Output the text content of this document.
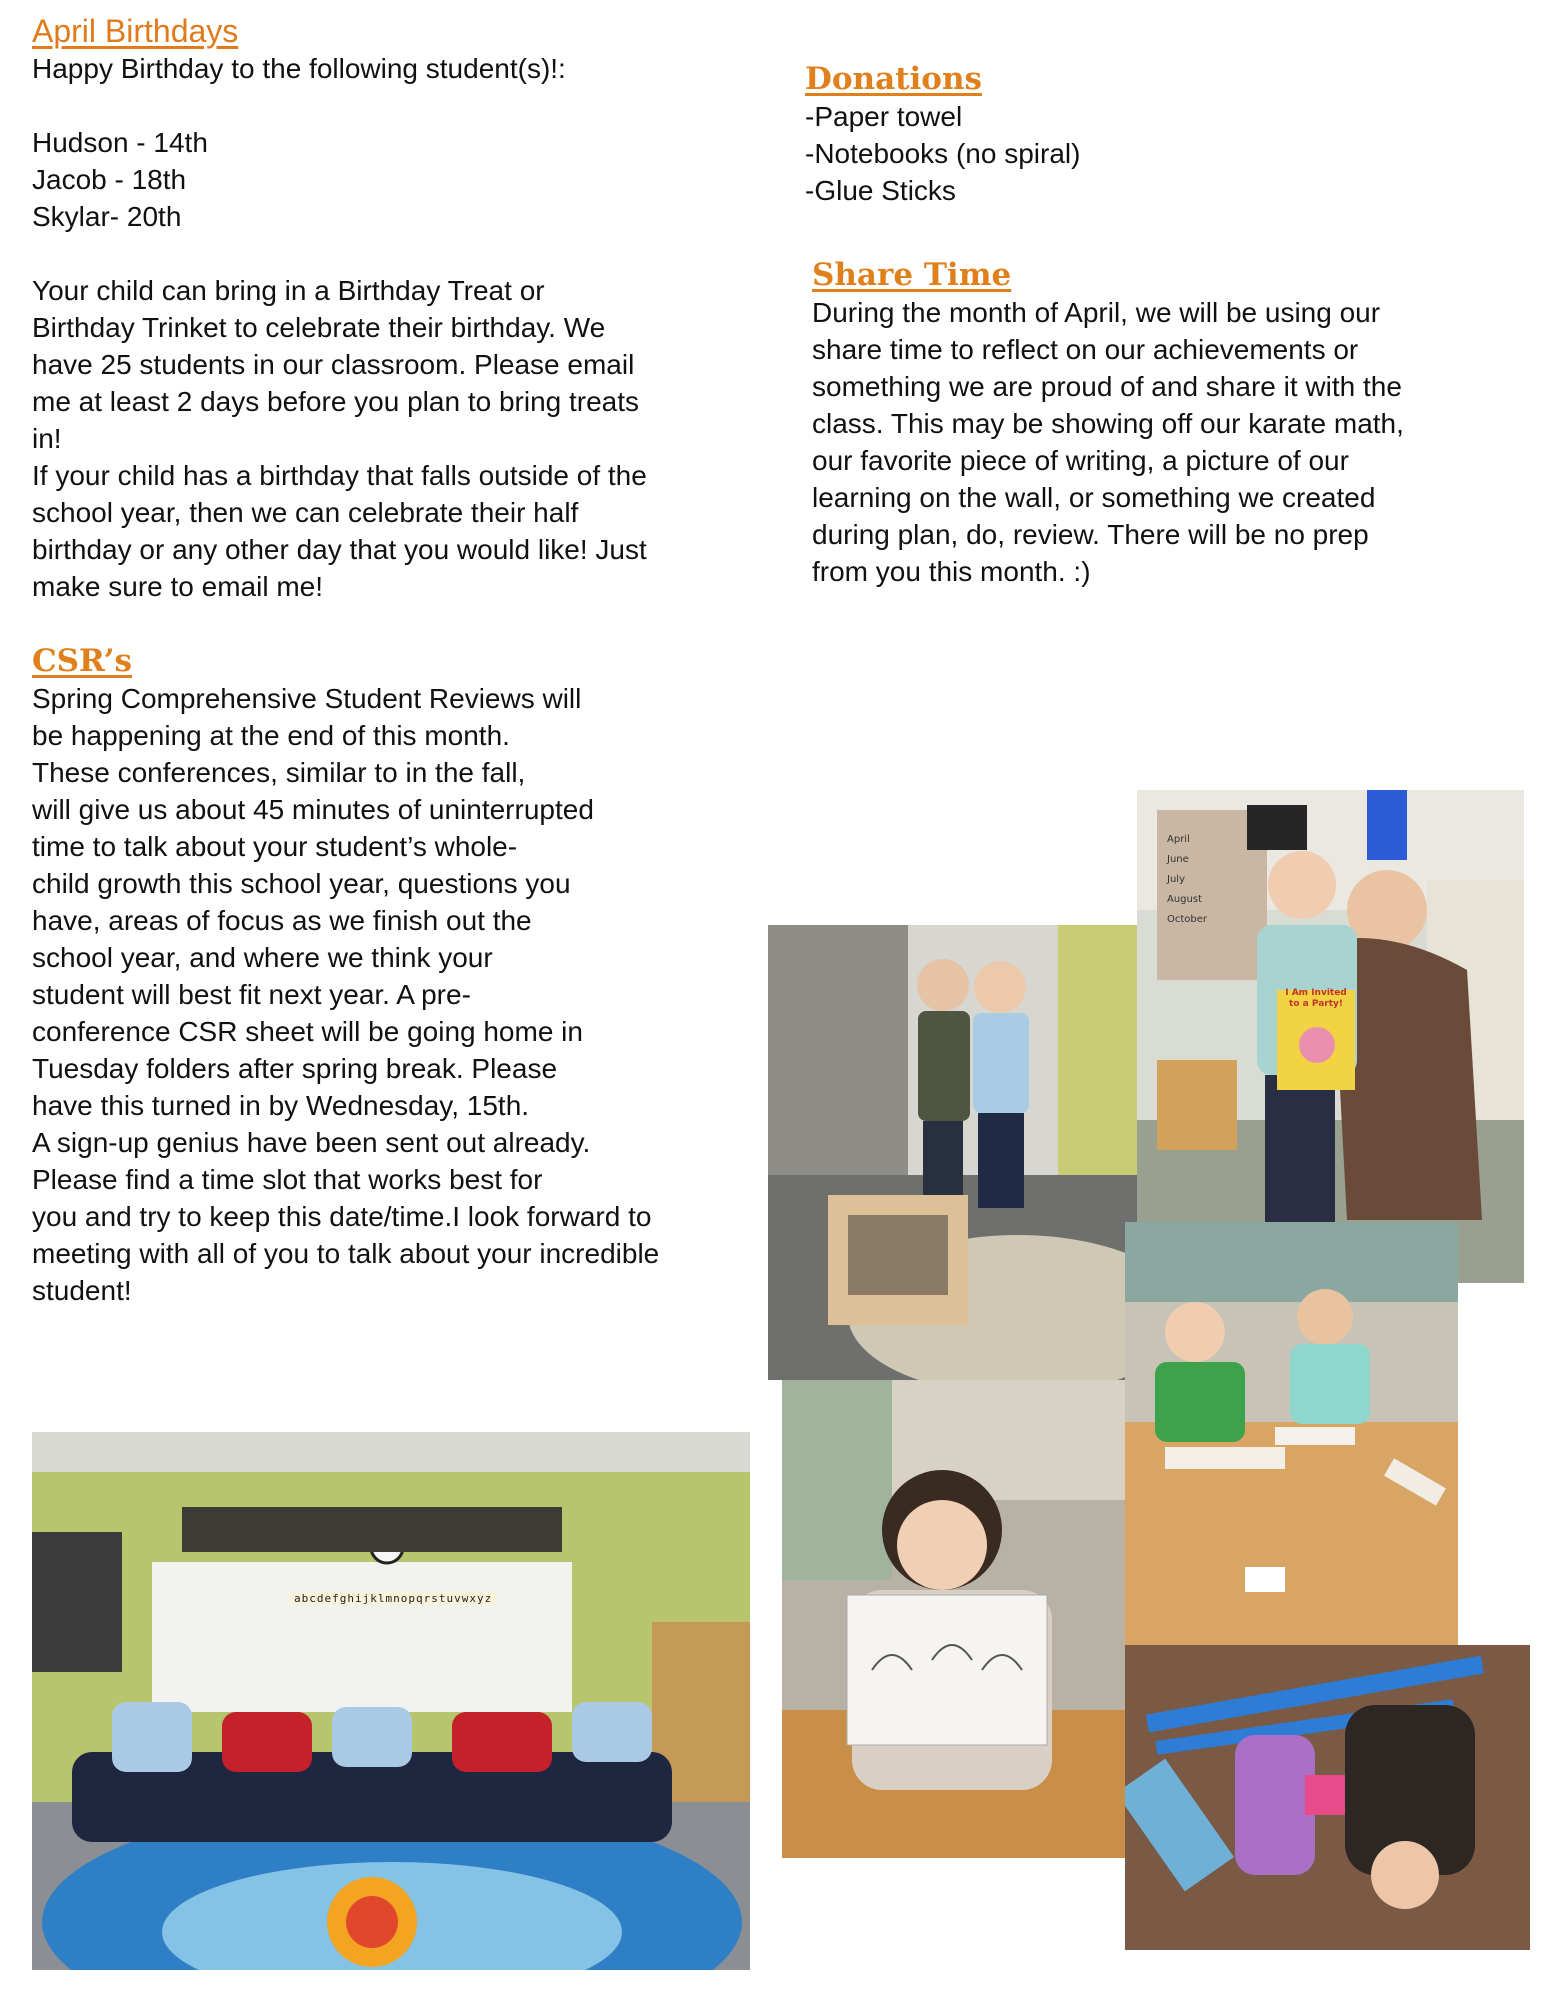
April Birthdays
Happy Birthday to the following student(s)!:

Hudson - 14th
Jacob - 18th
Skylar- 20th

Your child can bring in a Birthday Treat or
Birthday Trinket to celebrate their birthday. We
have 25 students in our classroom. Please email
me at least 2 days before you plan to bring treats
in!
If your child has a birthday that falls outside of the
school year, then we can celebrate their half
birthday or any other day that you would like! Just
make sure to email me!
CSR’s
Spring Comprehensive Student Reviews will
be happening at the end of this month.
These conferences, similar to in the fall,
will give us about 45 minutes of uninterrupted
time to talk about your student’s whole-
child growth this school year, questions you
have, areas of focus as we finish out the
school year, and where we think your
student will best fit next year. A pre-
conference CSR sheet will be going home in
Tuesday folders after spring break. Please
have this turned in by Wednesday, 15th.
A sign-up genius have been sent out already.
Please find a time slot that works best for
you and try to keep this date/time.I look forward to
meeting with all of you to talk about your incredible
student!
Donations
-Paper towel
-Notebooks (no spiral)
-Glue Sticks
Share Time
During the month of April, we will be using our
share time to reflect on our achievements or
something we are proud of and share it with the
class. This may be showing off our karate math,
our favorite piece of writing, a picture of our
learning on the wall, or something we created
during plan, do, review. There will be no prep
from you this month. :)
I Am Invited to a Party!
April
June
July
August
October
abcdefghijklmnopqrstuvwxyz
